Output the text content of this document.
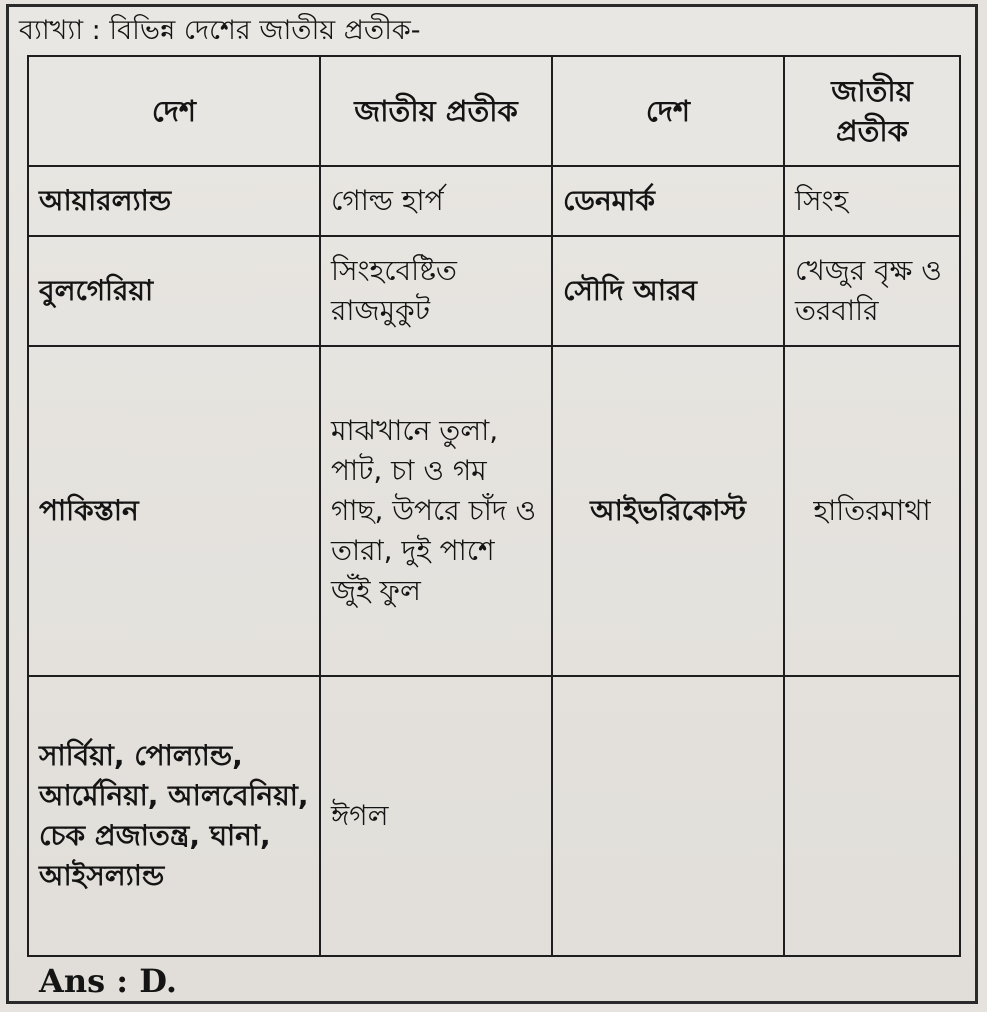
ব্যাখ্যা : বিভিন্ন দেশের জাতীয় প্রতীক-
দেশ	জাতীয় প্রতীক	দেশ	জাতীয় প্রতীক
আয়ারল্যান্ড	গোল্ড হার্প	ডেনমার্ক	সিংহ
বুলগেরিয়া	সিংহবেষ্টিত রাজমুকুট	সৌদি আরব	খেজুর বৃক্ষ ও তরবারি
পাকিস্তান	মাঝখানে তুলা, পাট, চা ও গম গাছ, উপরে চাঁদ ও তারা, দুই পাশে জুঁই ফুল	আইভরিকোস্ট	হাতিরমাথা
সার্বিয়া, পোল্যান্ড, আর্মেনিয়া, আলবেনিয়া, চেক প্রজাতন্ত্র, ঘানা, আইসল্যান্ড	ঈগল		
Ans : D.
